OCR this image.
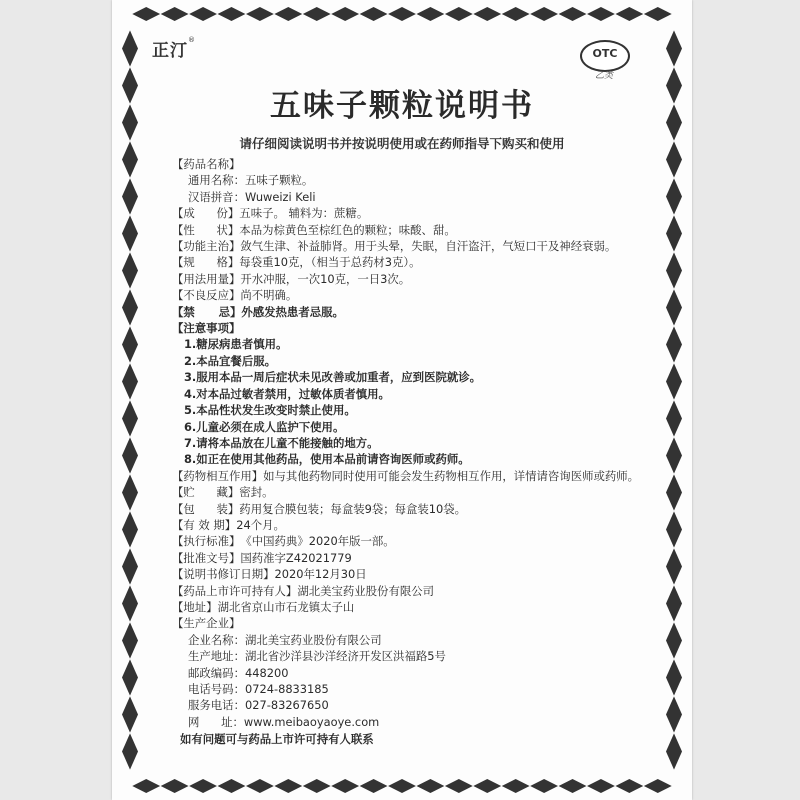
正汀®
OTC
乙类
五味子颗粒说明书
请仔细阅读说明书并按说明使用或在药师指导下购买和使用
【药品名称】
通用名称： 五味子颗粒。
汉语拼音： Wuweizi Keli
【成      份】 五味子。 辅料为：蔗糖。
【性      状】 本品为棕黄色至棕红色的颗粒；味酸、甜。
【功能主治】 敛气生津、补益肺肾。用于头晕，失眠，自汗盗汗，气短口干及神经衰弱。
【规      格】 每袋重10克，（相当于总药材3克）。
【用法用量】 开水冲服，一次10克，一日3次。
【不良反应】 尚不明确。
【禁      忌】 外感发热患者忌服。
【注意事项】
1.糖尿病患者慎用。
2.本品宜餐后服。
3.服用本品一周后症状未见改善或加重者，应到医院就诊。
4.对本品过敏者禁用，过敏体质者慎用。
5.本品性状发生改变时禁止使用。
6.儿童必须在成人监护下使用。
7.请将本品放在儿童不能接触的地方。
8.如正在使用其他药品，使用本品前请咨询医师或药师。
【药物相互作用】 如与其他药物同时使用可能会发生药物相互作用，详情请咨询医师或药师。
【贮      藏】 密封。
【包      装】 药用复合膜包装；每盒装9袋；每盒装10袋。
【有 效 期】 24个月。
【执行标准】 《中国药典》2020年版一部。
【批准文号】 国药准字Z42021779
【说明书修订日期】 2020年12月30日
【药品上市许可持有人】 湖北美宝药业股份有限公司
【地址】 湖北省京山市石龙镇太子山
【生产企业】
企业名称： 湖北美宝药业股份有限公司
生产地址： 湖北省沙洋县沙洋经济开发区洪福路5号
邮政编码： 448200
电话号码： 0724-8833185
服务电话： 027-83267650
网      址： www.meibaoyaoye.com
如有问题可与药品上市许可持有人联系
